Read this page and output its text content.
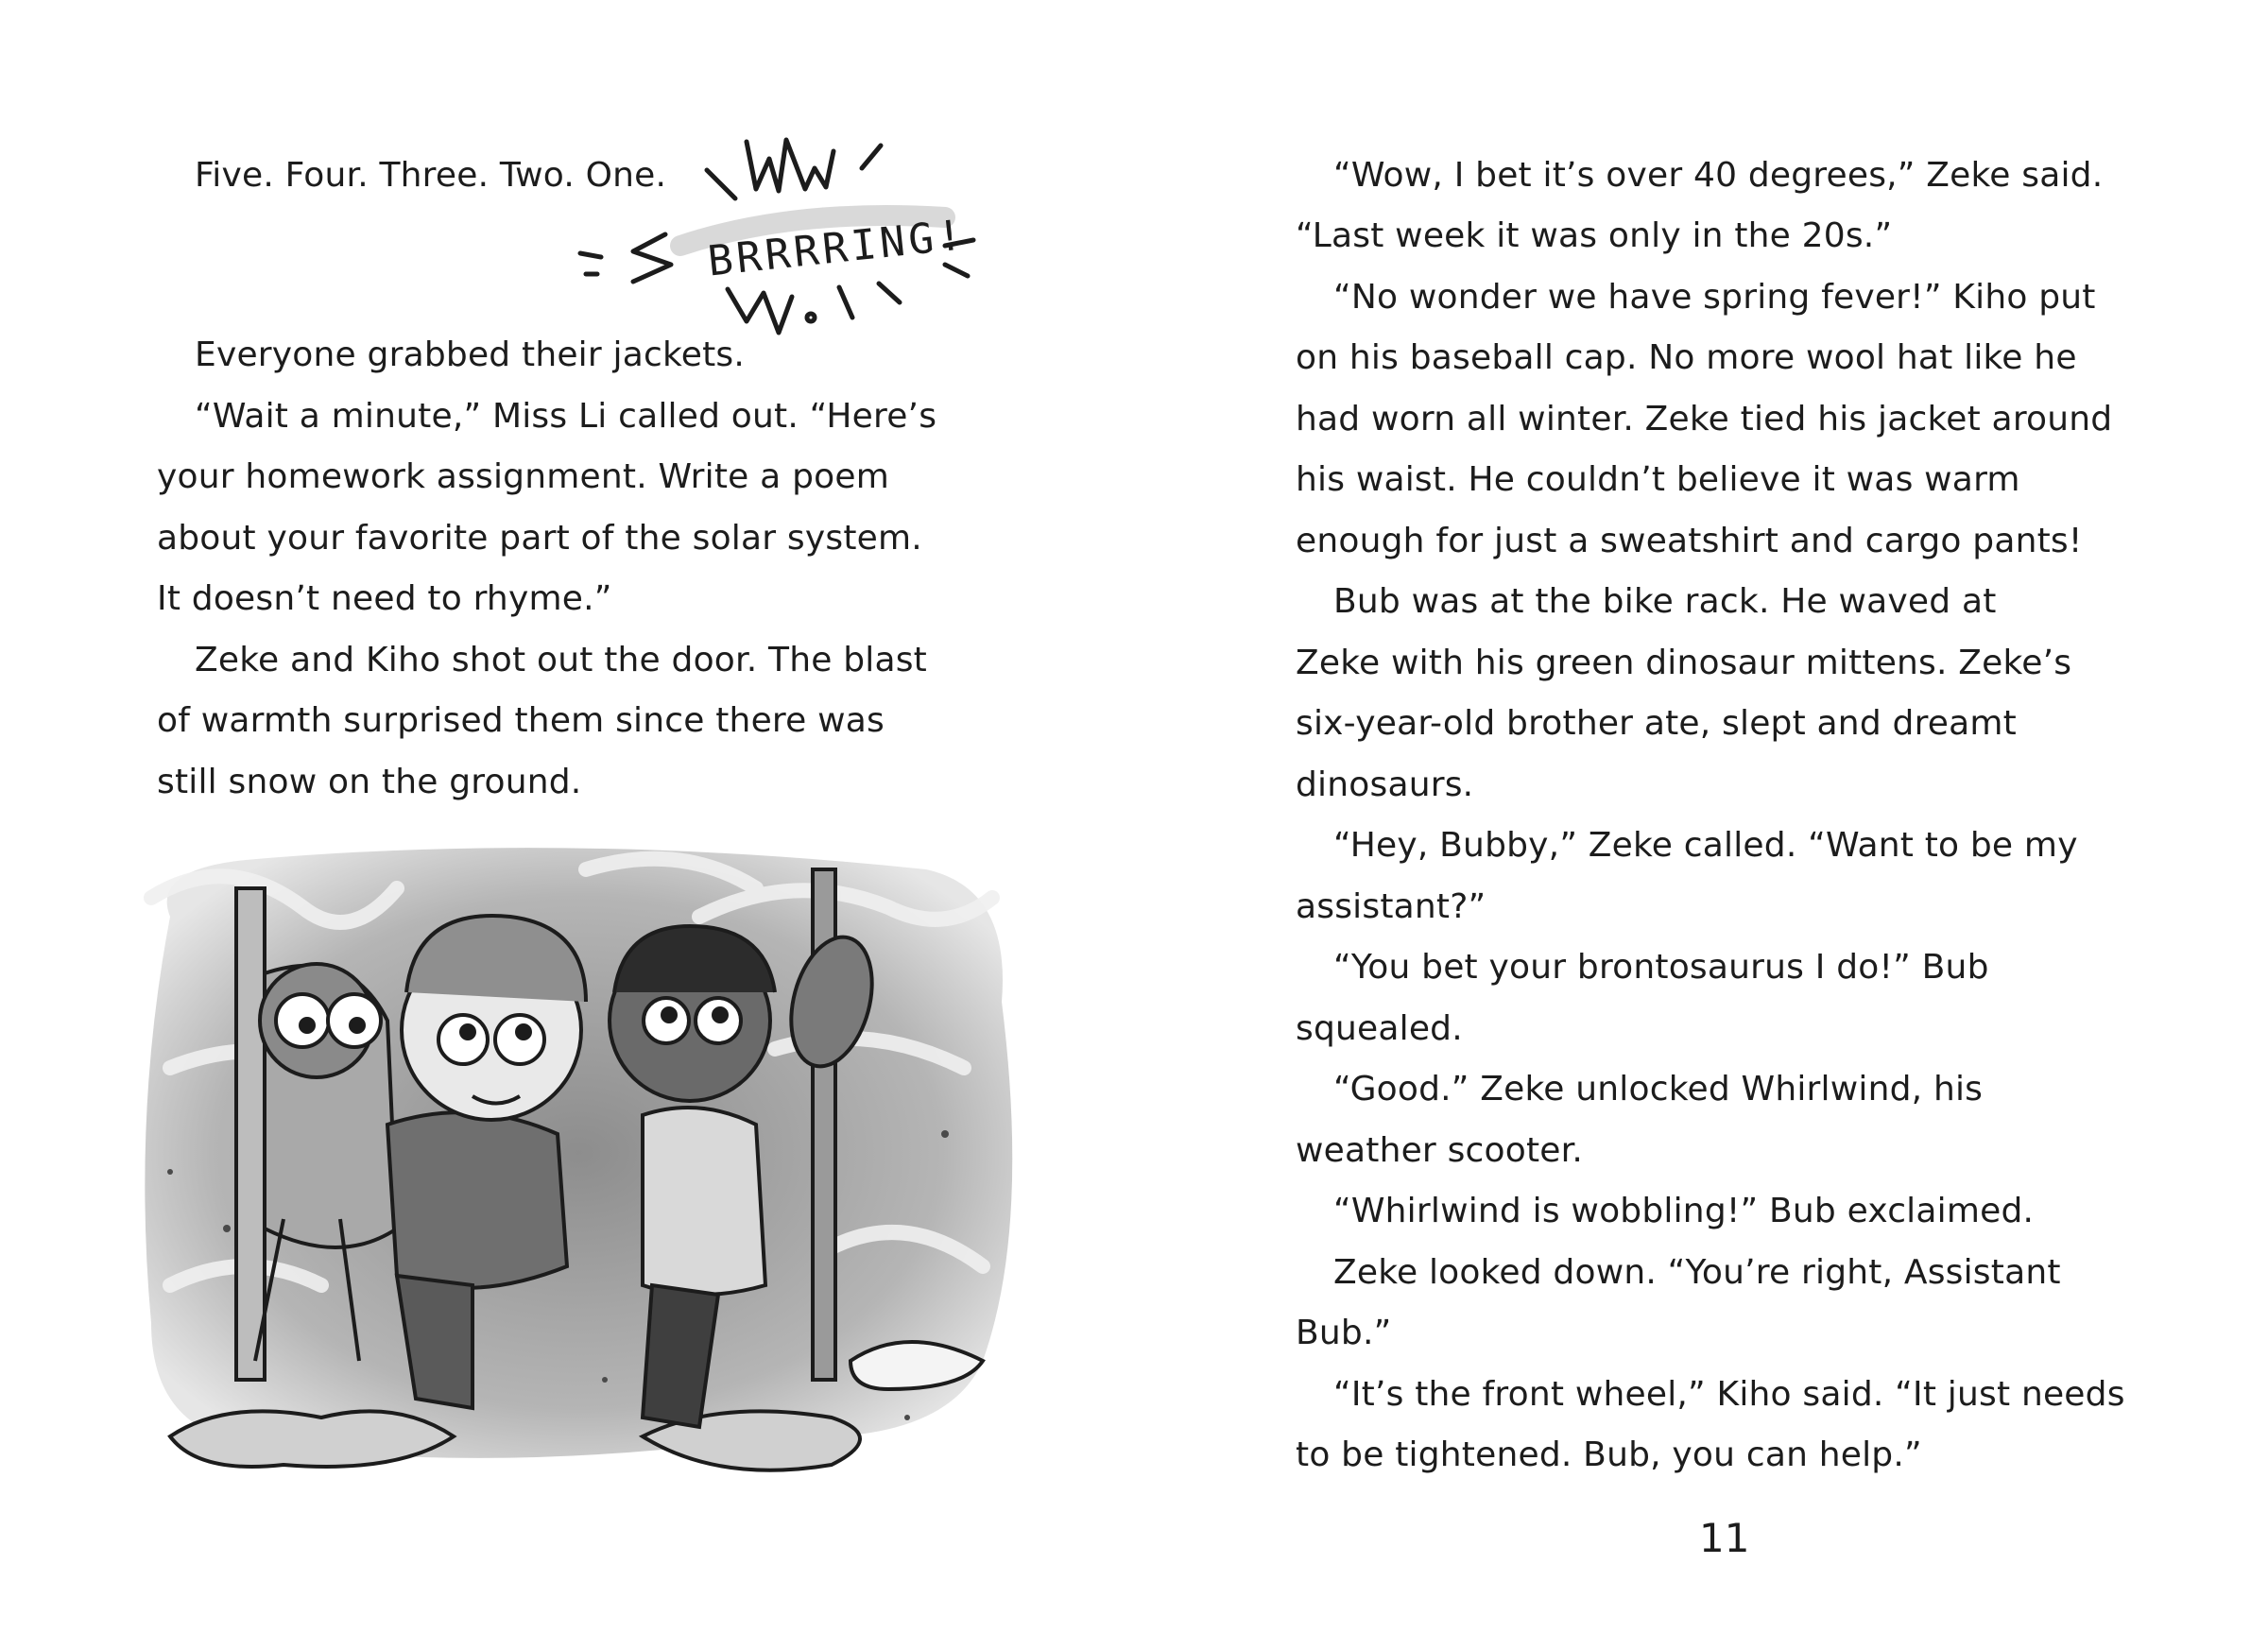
Five. Four. Three. Two. One.
BRRRRING!
Everyone grabbed their jackets.
“Wait a minute,” Miss Li called out. “Here’s
your homework assignment. Write a poem
about your favorite part of the solar system.
It doesn’t need to rhyme.”
Zeke and Kiho shot out the door. The blast
of warmth surprised them since there was
still snow on the ground.
“Wow, I bet it’s over 40 degrees,” Zeke said.
“Last week it was only in the 20s.”
“No wonder we have spring fever!” Kiho put
on his baseball cap. No more wool hat like he
had worn all winter. Zeke tied his jacket around
his waist. He couldn’t believe it was warm
enough for just a sweatshirt and cargo pants!
Bub was at the bike rack. He waved at
Zeke with his green dinosaur mittens. Zeke’s
six-year-old brother ate, slept and dreamt
dinosaurs.
“Hey, Bubby,” Zeke called. “Want to be my
assistant?”
“You bet your brontosaurus I do!” Bub
squealed.
“Good.” Zeke unlocked Whirlwind, his
weather scooter.
“Whirlwind is wobbling!” Bub exclaimed.
Zeke looked down. “You’re right, Assistant
Bub.”
“It’s the front wheel,” Kiho said. “It just needs
to be tightened. Bub, you can help.”
11
